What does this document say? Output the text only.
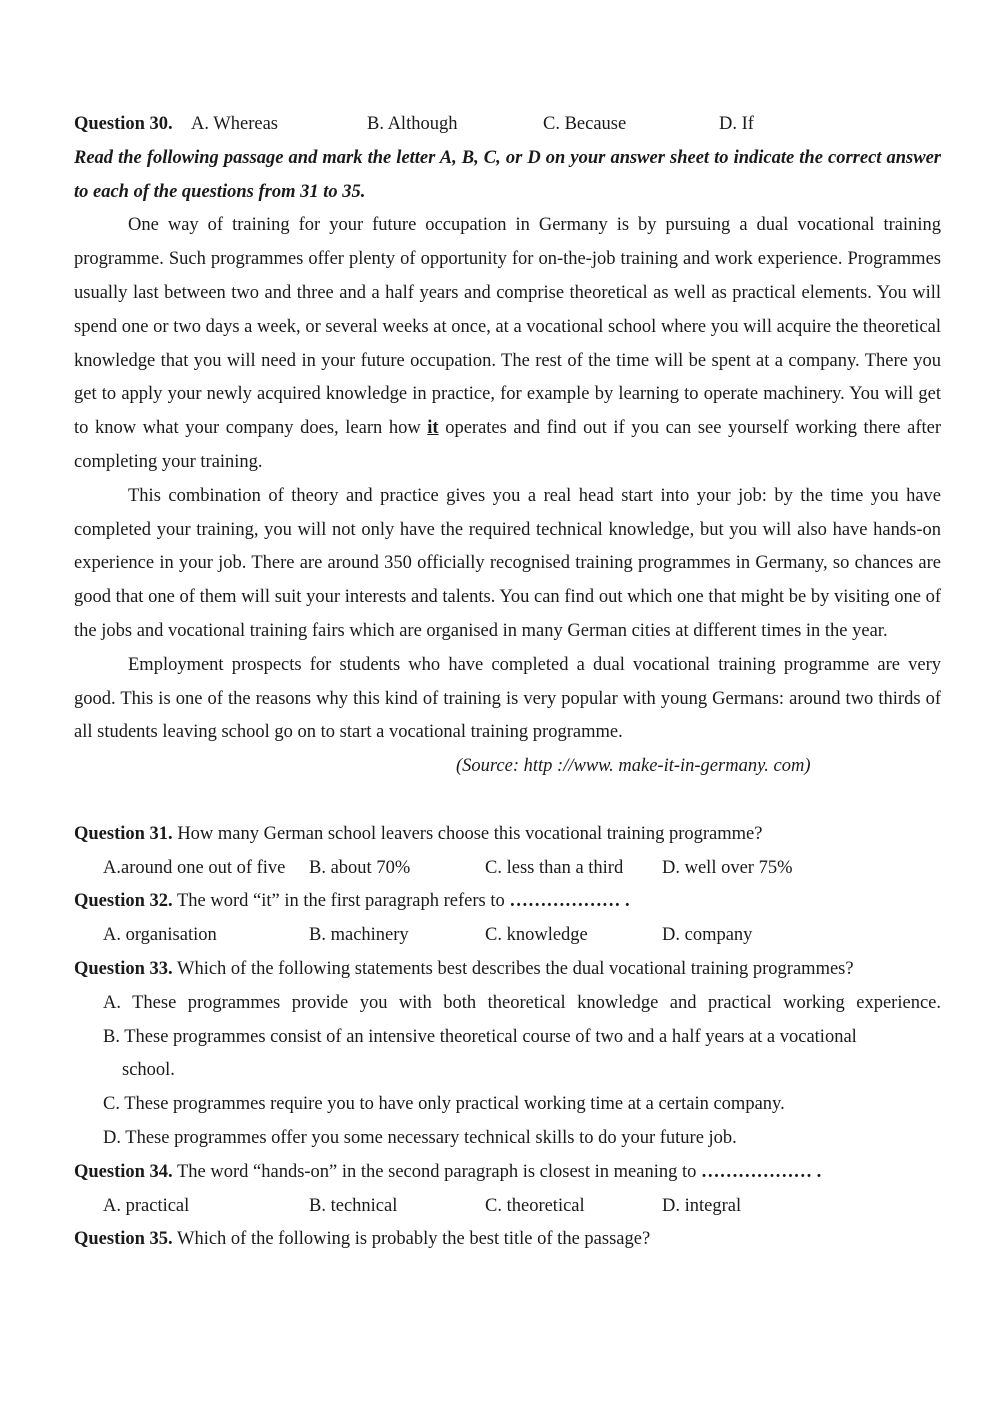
Question 30. A. Whereas	B. Although	C. Because	D. If

Read the following passage and mark the letter A, B, C, or D on your answer sheet to indicate the correct answer to each of the questions from 31 to 35.

One way of training for your future occupation in Germany is by pursuing a dual vocational training programme. Such programmes offer plenty of opportunity for on-the-job training and work experience. Programmes usually last between two and three and a half years and comprise theoretical as well as practical elements. You will spend one or two days a week, or several weeks at once, at a vocational school where you will acquire the theoretical knowledge that you will need in your future occupation. The rest of the time will be spent at a company. There you get to apply your newly acquired knowledge in practice, for example by learning to operate machinery. You will get to know what your company does, learn how it operates and find out if you can see yourself working there after completing your training.

This combination of theory and practice gives you a real head start into your job: by the time you have completed your training, you will not only have the required technical knowledge, but you will also have hands-on experience in your job. There are around 350 officially recognised training programmes in Germany, so chances are good that one of them will suit your interests and talents. You can find out which one that might be by visiting one of the jobs and vocational training fairs which are organised in many German cities at different times in the year.

Employment prospects for students who have completed a dual vocational training programme are very good. This is one of the reasons why this kind of training is very popular with young Germans: around two thirds of all students leaving school go on to start a vocational training programme.

(Source: http ://www. make-it-in-germany. com)
Question 31. How many German school leavers choose this vocational training programme?
A.around one out of five	B. about 70%	C. less than a third	D. well over 75%
Question 32. The word “it” in the first paragraph refers to ……………… .
A. organisation	B. machinery	C. knowledge	D. company
Question 33. Which of the following statements best describes the dual vocational training programmes?
A. These programmes provide you with both theoretical knowledge and practical working experience.
B. These programmes consist of an intensive theoretical course of two and a half years at a vocational
school.
C. These programmes require you to have only practical working time at a certain company.
D. These programmes offer you some necessary technical skills to do your future job.
Question 34. The word “hands-on” in the second paragraph is closest in meaning to ……………… .
A. practical	B. technical	C. theoretical	D. integral
Question 35. Which of the following is probably the best title of the passage?
